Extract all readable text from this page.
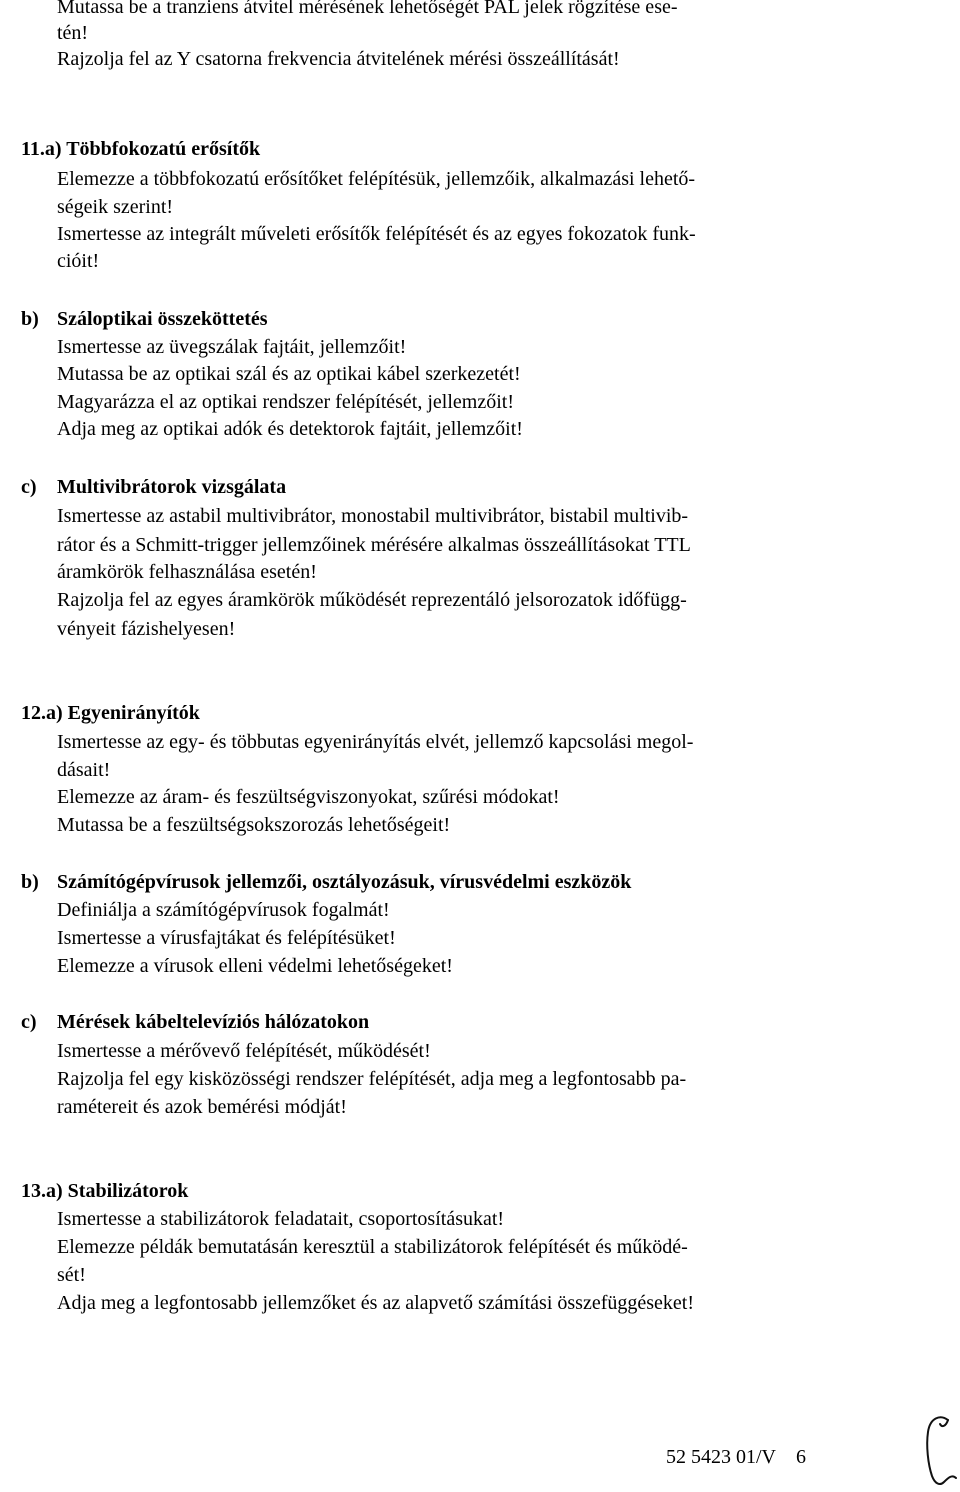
Mutassa be a tranziens átvitel mérésének lehetőségét PAL jelek rögzítése ese-
tén!
Rajzolja fel az Y csatorna frekvencia átvitelének mérési összeállítását!
11.a) Többfokozatú erősítők
Elemezze a többfokozatú erősítőket felépítésük, jellemzőik, alkalmazási lehető-
ségeik szerint!
Ismertesse az integrált műveleti erősítők felépítését és az egyes fokozatok funk-
cióit!
b) Száloptikai összeköttetés
Ismertesse az üvegszálak fajtáit, jellemzőit!
Mutassa be az optikai szál és az optikai kábel szerkezetét!
Magyarázza el az optikai rendszer felépítését, jellemzőit!
Adja meg az optikai adók és detektorok fajtáit, jellemzőit!
c) Multivibrátorok vizsgálata
Ismertesse az astabil multivibrátor, monostabil multivibrátor, bistabil multivib-
rátor és a Schmitt-trigger jellemzőinek mérésére alkalmas összeállításokat TTL
áramkörök felhasználása esetén!
Rajzolja fel az egyes áramkörök működését reprezentáló jelsorozatok időfügg-
vényeit fázishelyesen!
12.a) Egyenirányítók
Ismertesse az egy- és többutas egyenirányítás elvét, jellemző kapcsolási megol-
dásait!
Elemezze az áram- és feszültségviszonyokat, szűrési módokat!
Mutassa be a feszültségsokszorozás lehetőségeit!
b) Számítógépvírusok jellemzői, osztályozásuk, vírusvédelmi eszközök
Definiálja a számítógépvírusok fogalmát!
Ismertesse a vírusfajtákat és felépítésüket!
Elemezze a vírusok elleni védelmi lehetőségeket!
c) Mérések kábeltelevíziós hálózatokon
Ismertesse a mérővevő felépítését, működését!
Rajzolja fel egy kisközösségi rendszer felépítését, adja meg a legfontosabb pa-
ramétereit és azok bemérési módját!
13.a) Stabilizátorok
Ismertesse a stabilizátorok feladatait, csoportosításukat!
Elemezze példák bemutatásán keresztül a stabilizátorok felépítését és működé-
sét!
Adja meg a legfontosabb jellemzőket és az alapvető számítási összefüggéseket!
52 5423 01/V 6
